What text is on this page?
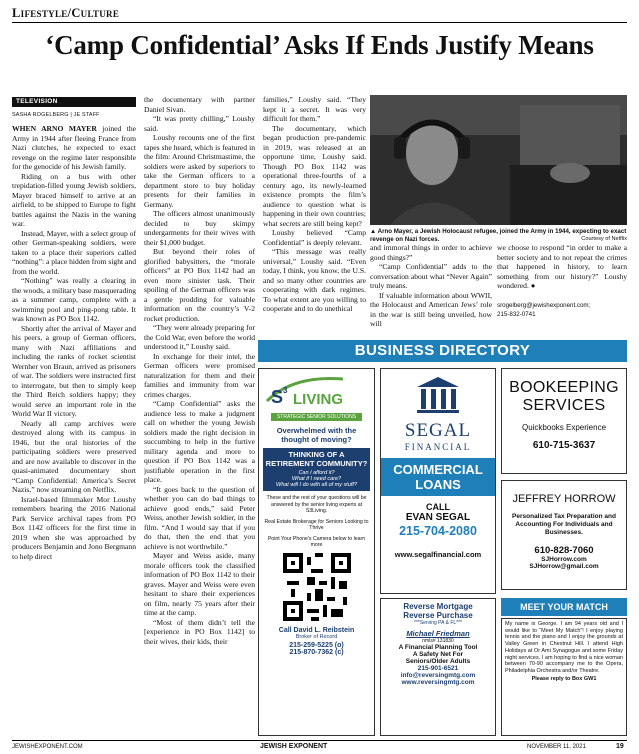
Lifestyle/Culture
‘Camp Confidential’ Asks If Ends Justify Means
TELEVISION
SASHA ROGELBERG | JE STAFF

WHEN ARNO MAYER joined the Army in 1944 after fleeing France from Nazi clutches, he expected to exact revenge on the regime later responsible for the genocide of his Jewish family.

Riding on a bus with other trepidation-filled young Jewish soldiers, Mayer braced himself to arrive at an airfield, to be shipped to Europe to fight battles against the Nazis in the waning war.

Instead, Mayer, with a select group of other German-speaking soldiers, were taken to a place their superiors called “nothing”: a place hidden from sight and from the world.

“Nothing” was really a clearing in the woods, a military base masquerading as a summer camp, complete with a swimming pool and ping-pong table. It was known as PO Box 1142.

Shortly after the arrival of Mayer and his peers, a group of German officers, many with Nazi affiliations and including the ranks of rocket scientist Wernher von Braun, arrived as prisoners of war. The soldiers were instructed first to interrogate, but then to simply keep the Third Reich soldiers happy; they would serve an important role in the World War II victory.

Nearly all camp archives were destroyed along with its campus in 1946, but the oral histories of the participating soldiers were preserved and are now available to discover in the quasi-animated documentary short “Camp Confidential: America’s Secret Nazis,” now streaming on Netflix.

Israel-based filmmaker Mor Loushy remembers hearing the 2016 National Park Service archival tapes from PO Box 1142 officers for the first time in 2019 when she was approached by producers Benjamin and Jono Bergmann to help direct

the documentary with partner Daniel Sivan.

“It was pretty chilling,” Loushy said.

Loushy recounts one of the first tapes she heard, which is featured in the film: Around Christmastime, the soldiers were asked by superiors to take the German officers to a department store to buy holiday presents for their families in Germany.

The officers almost unanimously decided to buy skimpy undergarments for their wives with their $1,000 budget.

But beyond their roles of glorified babysitters, the “morale officers” at PO Box 1142 had an even more sinister task. Their spoiling of the German officers was a gentle prodding for valuable information on the country’s V-2 rocket production.

“They were already preparing for the Cold War, even before the world understood it,” Loushy said.

In exchange for their intel, the German officers were promised naturalization for them and their families and immunity from war crimes charges.

“Camp Confidential” asks the audience less to make a judgment call on whether the young Jewish soldiers made the right decision in succumbing to help in the furtive military agenda and more to question if PO Box 1142 was a justifiable operation in the first place.

“It goes back to the question of whether you can do bad things to achieve good ends,” said Peter Weiss, another Jewish soldier, in the film. “And I would say that if you do that, then the end that you achieve is not worthwhile.”

Mayer and Weiss aside, many morale officers took the classified information of PO Box 1142 to their graves. Mayer and Weiss were even hesitant to share their experiences on film, nearly 75 years after their time at the camp.

“Most of them didn’t tell the [experience in PO Box 1142] to their wives, their kids, their

families,” Loushy said. “They kept it a secret. It was very difficult for them.”

The documentary, which began production pre-pandemic in 2019, was released at an opportune time, Loushy said. Though PO Box 1142 was operational three-fourths of a century ago, its newly-learned existence prompts the film’s audience to question what is happening in their own countries; what secrets are still being kept?

Loushy believed “Camp Confidential” is deeply relevant.

“This message was really universal,” Loushy said. “Even today, I think, you know, the U.S. and so many other countries are cooperating with dark regimes. To what extent are you willing to cooperate and to do unethical

▲ Arno Mayer, a Jewish Holocaust refugee, joined the Army in 1944, expecting to exact revenge on Nazi forces.	Courtesy of Netflix

and immoral things in order to achieve good things?”

“Camp Confidential” adds to the conversation about what “Never Again” truly means.

If valuable information about WWII, the Holocaust and American Jews’ role in the war is still being unveiled, how will

we choose to respond “in order to make a better society and to not repeat the crimes that happened in history, to learn something from our history?” Loushy wondered. ●

srogelberg@jewishexponent.com;

215-832-0741

BUSINESS DIRECTORY
S 3
LIVING
STRATEGIC SENIOR SOLUTIONS
Overwhelmed with the thought of moving?
THINKING OF A RETIREMENT COMMUNITY?
Can I afford it?
What if I need care?
What will I do with all of my stuff?
These and the rest of your questions will be answered by the senior living experts at S3Living.
Real Estate Brokerage for Seniors Looking to Thrive
Point Your Phone's Camera below to learn more
Call David L. Reibstein
Broker of Record
215-259-5225 (o)
215-870-7362 (c)
SEGAL
FINANCIAL
COMMERCIAL
LOANS
CALL
EVAN SEGAL
215-704-2080
www.segalfinancial.com
Reverse Mortgage
Reverse Purchase
***Serving PA & FL***
Michael Friedman
nmls# 131830
A Financial Planning Tool
A Safety Net For
Seniors/Older Adults
215-901-6521
info@reversingmtg.com
www.reversingmtg.com
BOOKEEPING
SERVICES
Quickbooks Experience
610-715-3637
JEFFREY HORROW
Personalized Tax Preparation and Accounting For Individuals and Businesses.
610-828-7060
SJHorrow.com
SJHorrow@gmail.com
MEET YOUR MATCH
My name is George. I am 94 years old and I would like to “Meet My Match”! I enjoy playing tennis and the piano and I enjoy the grounds at Valley Green in Chestnut Hill. I attend High Holidays at Or Ami Synagogue and some Friday night services. I am hoping to find a nice woman between 70-90 accompany me to the Opera, Philadelphia Orchestra and/or Theatre.
Please reply to Box GW1
JEWISHEXPONENT.COM	JEWISH EXPONENT	NOVEMBER 11, 2021	19
